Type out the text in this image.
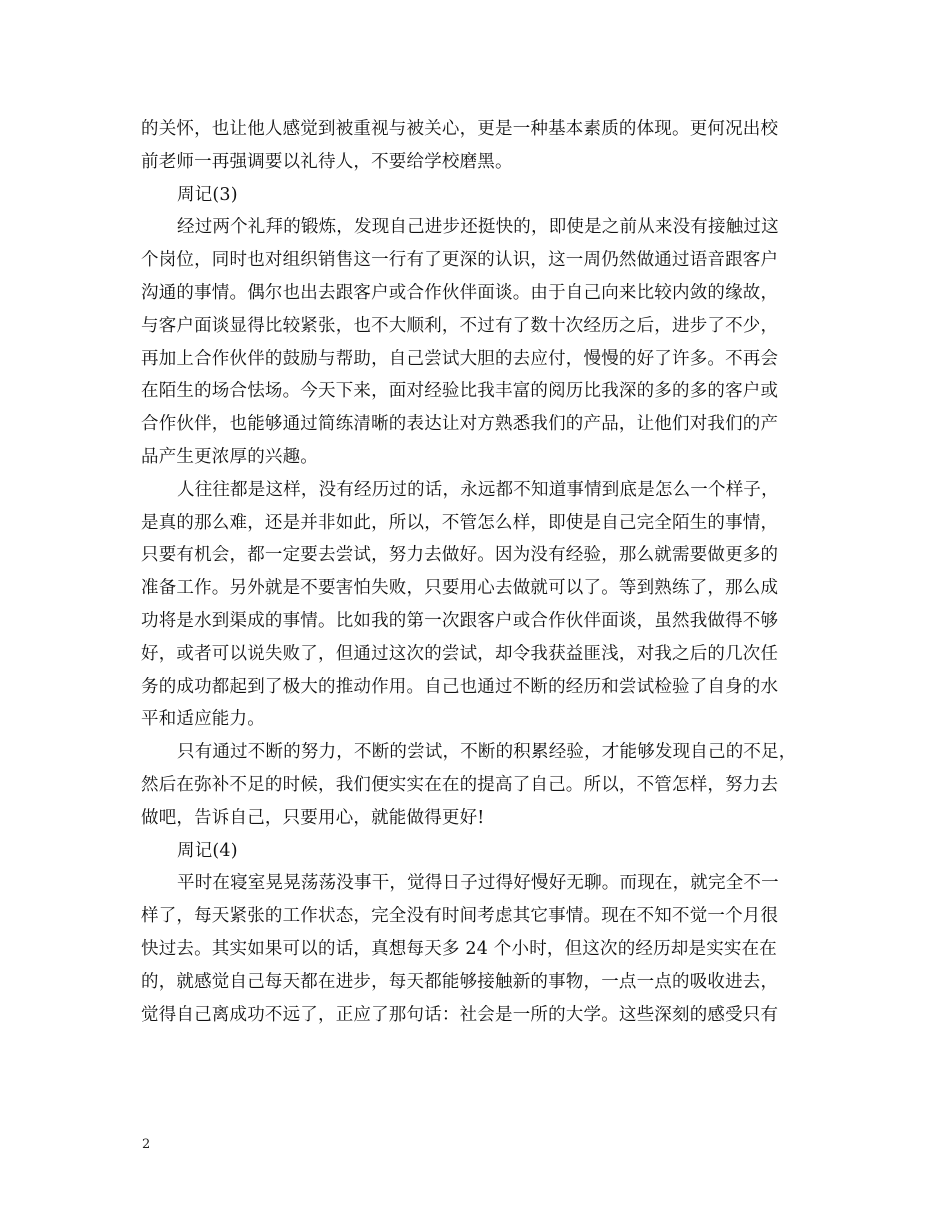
的关怀，也让他人感觉到被重视与被关心，更是一种基本素质的体现。更何况出校
前老师一再强调要以礼待人，不要给学校磨黑。
周记(3)
经过两个礼拜的锻炼，发现自己进步还挺快的，即使是之前从来没有接触过这
个岗位，同时也对组织销售这一行有了更深的认识，这一周仍然做通过语音跟客户
沟通的事情。偶尔也出去跟客户或合作伙伴面谈。由于自己向来比较内敛的缘故，
与客户面谈显得比较紧张，也不大顺利，不过有了数十次经历之后，进步了不少，
再加上合作伙伴的鼓励与帮助，自己尝试大胆的去应付，慢慢的好了许多。不再会
在陌生的场合怯场。今天下来，面对经验比我丰富的阅历比我深的多的多的客户或
合作伙伴，也能够通过简练清晰的表达让对方熟悉我们的产品，让他们对我们的产
品产生更浓厚的兴趣。
人往往都是这样，没有经历过的话，永远都不知道事情到底是怎么一个样子，
是真的那么难，还是并非如此，所以，不管怎么样，即使是自己完全陌生的事情，
只要有机会，都一定要去尝试，努力去做好。因为没有经验，那么就需要做更多的
准备工作。另外就是不要害怕失败，只要用心去做就可以了。等到熟练了，那么成
功将是水到渠成的事情。比如我的第一次跟客户或合作伙伴面谈，虽然我做得不够
好，或者可以说失败了，但通过这次的尝试，却令我获益匪浅，对我之后的几次任
务的成功都起到了极大的推动作用。自己也通过不断的经历和尝试检验了自身的水
平和适应能力。
只有通过不断的努力，不断的尝试，不断的积累经验，才能够发现自己的不足，
然后在弥补不足的时候，我们便实实在在的提高了自己。所以，不管怎样，努力去
做吧，告诉自己，只要用心，就能做得更好!
周记(4)
平时在寝室晃晃荡荡没事干，觉得日子过得好慢好无聊。而现在，就完全不一
样了，每天紧张的工作状态，完全没有时间考虑其它事情。现在不知不觉一个月很
快过去。其实如果可以的话，真想每天多 24 个小时，但这次的经历却是实实在在
的，就感觉自己每天都在进步，每天都能够接触新的事物，一点一点的吸收进去，
觉得自己离成功不远了，正应了那句话：社会是一所的大学。这些深刻的感受只有
2
